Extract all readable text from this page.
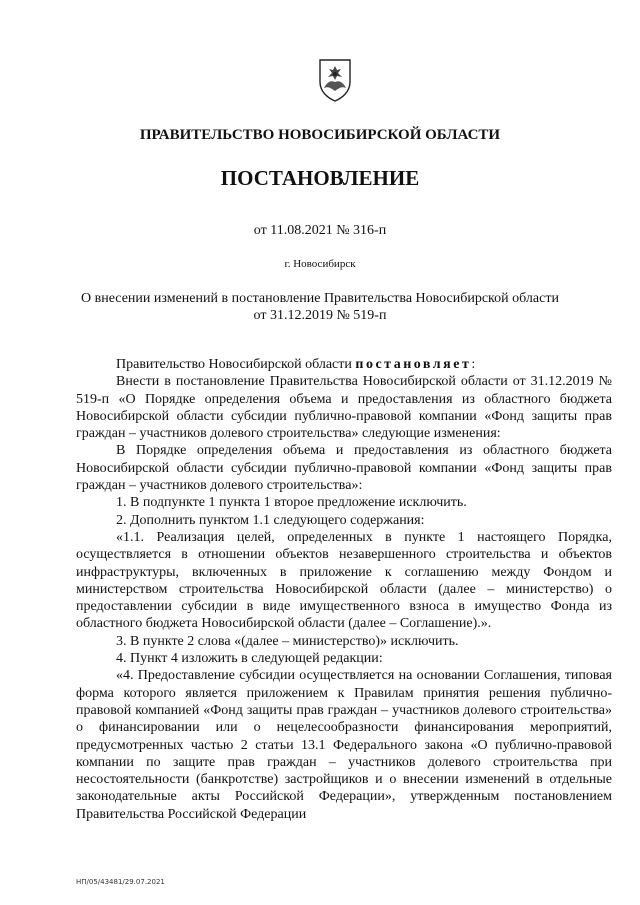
ПРАВИТЕЛЬСТВО НОВОСИБИРСКОЙ ОБЛАСТИ
ПОСТАНОВЛЕНИЕ
от 11.08.2021 № 316-п
г. Новосибирск
О внесении изменений в постановление Правительства Новосибирской области
от 31.12.2019 № 519-п

Правительство Новосибирской области постановляет:

Внести в постановление Правительства Новосибирской области от 31.12.2019 № 519-п «О Порядке определения объема и предоставления из областного бюджета Новосибирской области субсидии публично-правовой компании «Фонд защиты прав граждан – участников долевого строительства» следующие изменения:

В Порядке определения объема и предоставления из областного бюджета Новосибирской области субсидии публично-правовой компании «Фонд защиты прав граждан – участников долевого строительства»:

1. В подпункте 1 пункта 1 второе предложение исключить.

2. Дополнить пунктом 1.1 следующего содержания:

«1.1. Реализация целей, определенных в пункте 1 настоящего Порядка, осуществляется в отношении объектов незавершенного строительства и объектов инфраструктуры, включенных в приложение к соглашению между Фондом и министерством строительства Новосибирской области (далее – министерство) о предоставлении субсидии в виде имущественного взноса в имущество Фонда из областного бюджета Новосибирской области (далее – Соглашение).».

3. В пункте 2 слова «(далее – министерство)» исключить.

4. Пункт 4 изложить в следующей редакции:

«4. Предоставление субсидии осуществляется на основании Соглашения, типовая форма которого является приложением к Правилам принятия решения публично-правовой компанией «Фонд защиты прав граждан – участников долевого строительства» о финансировании или о нецелесообразности финансирования мероприятий, предусмотренных частью 2 статьи 13.1 Федерального закона «О публично-правовой компании по защите прав граждан – участников долевого строительства при несостоятельности (банкротстве) застройщиков и о внесении изменений в отдельные законодательные акты Российской Федерации», утвержденным постановлением Правительства Российской Федерации

НП/05/43481/29.07.2021
